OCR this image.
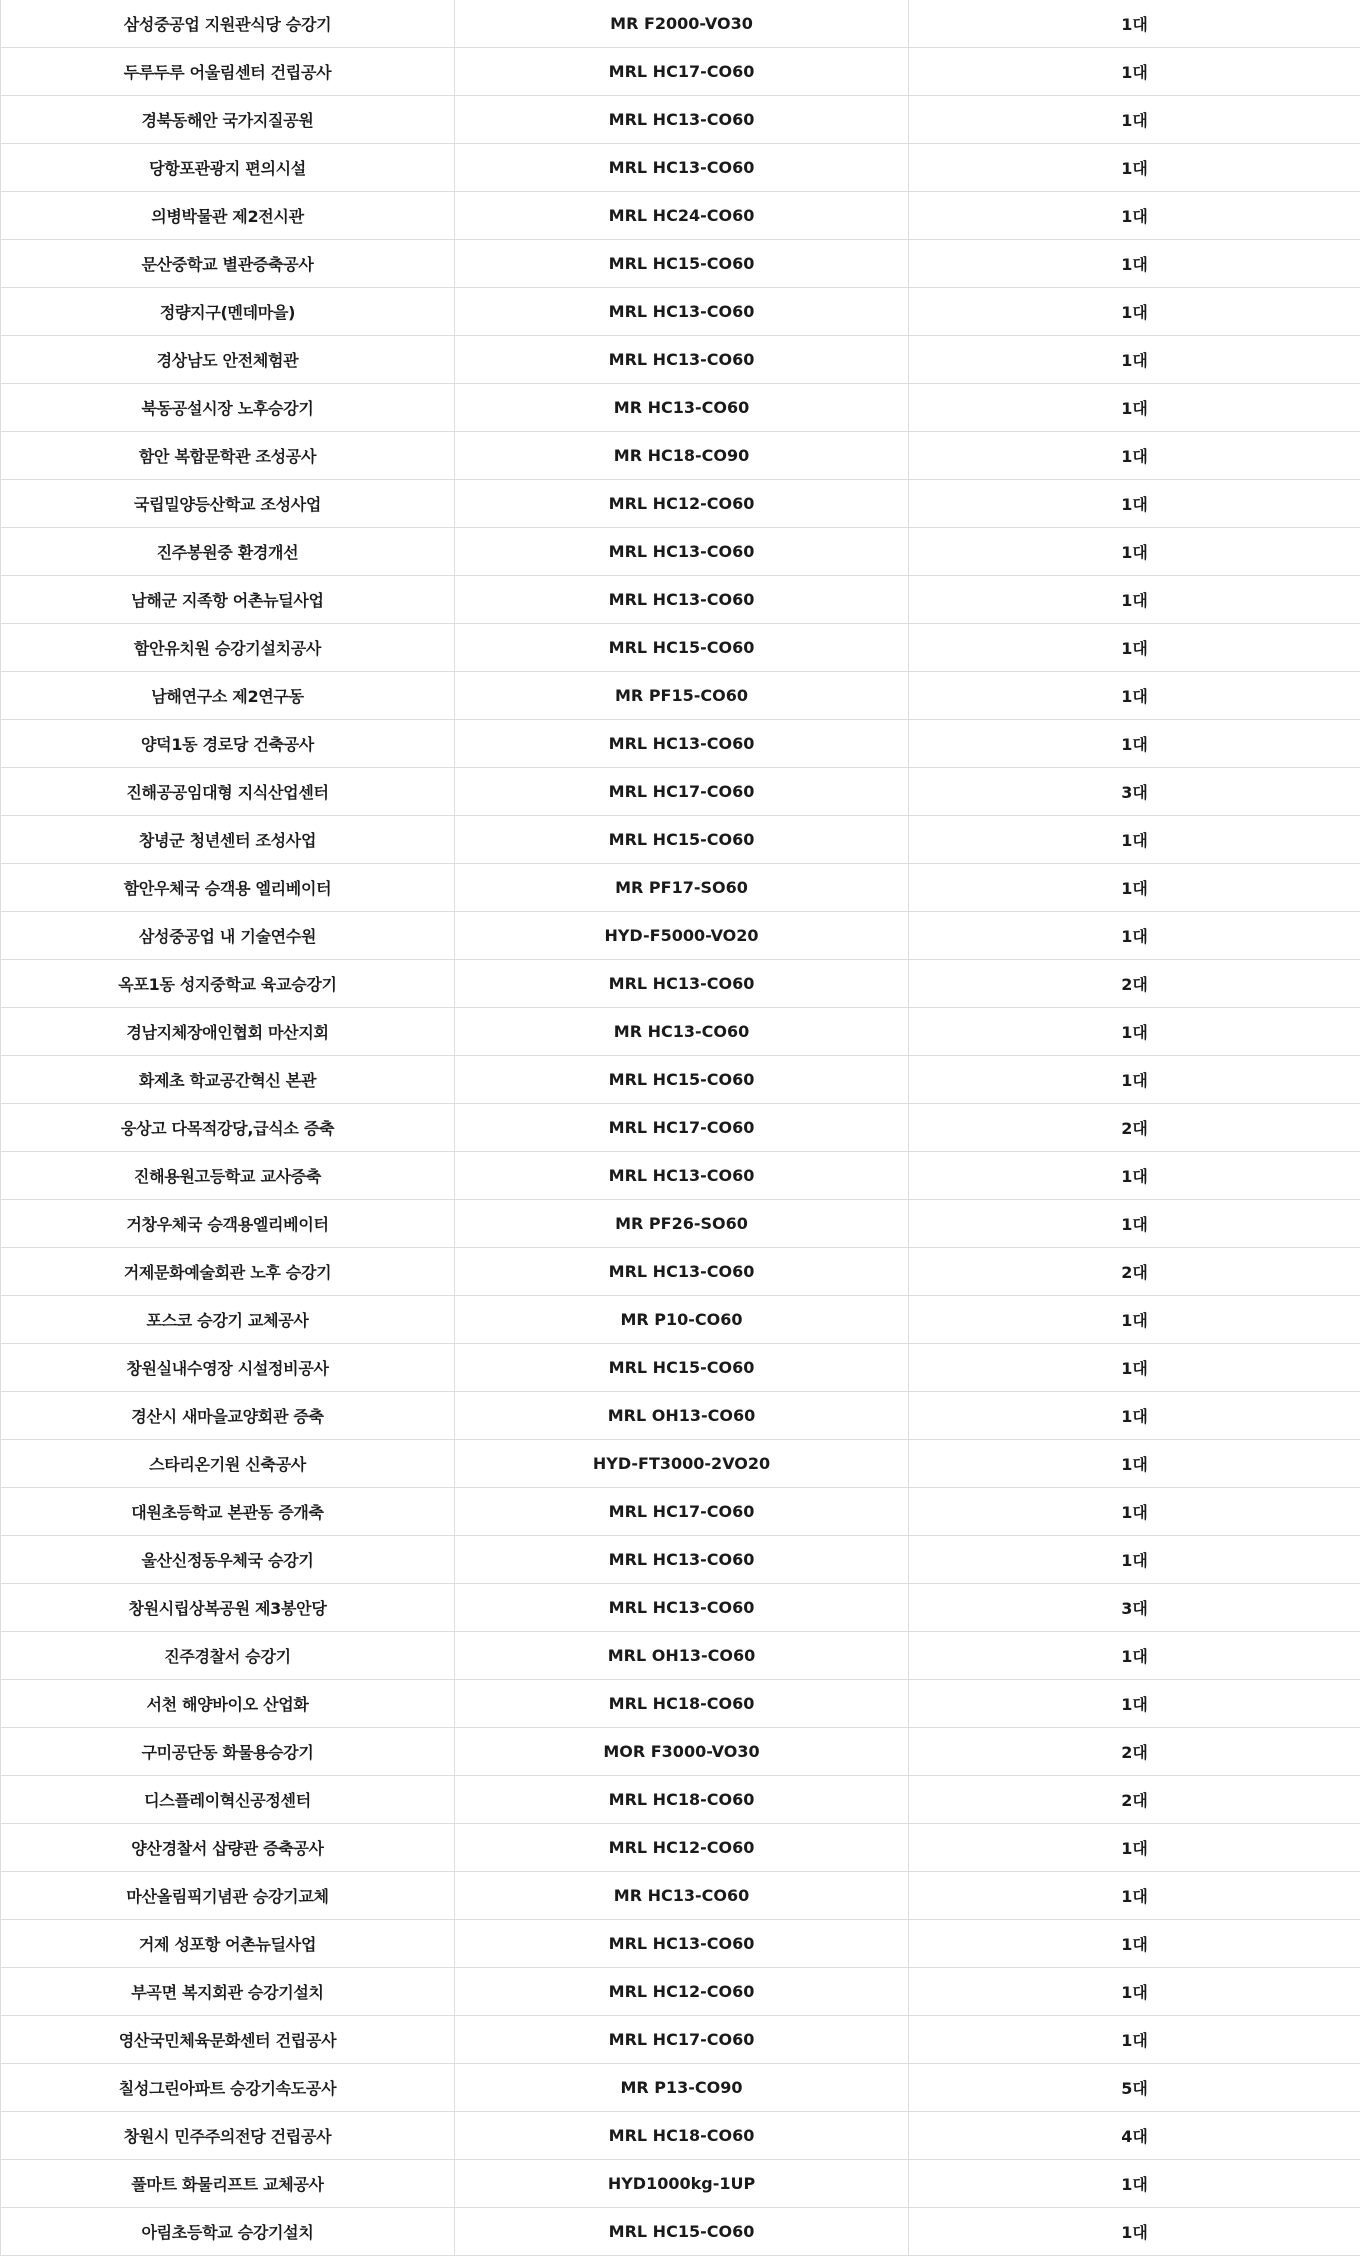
삼성중공업 지원관식당 승강기	MR F2000-VO30	1대
두루두루 어울림센터 건립공사	MRL HC17-CO60	1대
경북동해안 국가지질공원	MRL HC13-CO60	1대
당항포관광지 편의시설	MRL HC13-CO60	1대
의병박물관 제2전시관	MRL HC24-CO60	1대
문산중학교 별관증축공사	MRL HC15-CO60	1대
정량지구(멘데마을)	MRL HC13-CO60	1대
경상남도 안전체험관	MRL HC13-CO60	1대
북동공설시장 노후승강기	MR HC13-CO60	1대
함안 복합문학관 조성공사	MR HC18-CO90	1대
국립밀양등산학교 조성사업	MRL HC12-CO60	1대
진주봉원중 환경개선	MRL HC13-CO60	1대
남해군 지족항 어촌뉴딜사업	MRL HC13-CO60	1대
함안유치원 승강기설치공사	MRL HC15-CO60	1대
남해연구소 제2연구동	MR PF15-CO60	1대
양덕1동 경로당 건축공사	MRL HC13-CO60	1대
진해공공임대형 지식산업센터	MRL HC17-CO60	3대
창녕군 청년센터 조성사업	MRL HC15-CO60	1대
함안우체국 승객용 엘리베이터	MR PF17-SO60	1대
삼성중공업 내 기술연수원	HYD-F5000-VO20	1대
옥포1동 성지중학교 육교승강기	MRL HC13-CO60	2대
경남지체장애인협회 마산지회	MR HC13-CO60	1대
화제초 학교공간혁신 본관	MRL HC15-CO60	1대
웅상고 다목적강당,급식소 증축	MRL HC17-CO60	2대
진해용원고등학교 교사증축	MRL HC13-CO60	1대
거창우체국 승객용엘리베이터	MR PF26-SO60	1대
거제문화예술회관 노후 승강기	MRL HC13-CO60	2대
포스코 승강기 교체공사	MR P10-CO60	1대
창원실내수영장 시설정비공사	MRL HC15-CO60	1대
경산시 새마을교양회관 증축	MRL OH13-CO60	1대
스타리온기원 신축공사	HYD-FT3000-2VO20	1대
대원초등학교 본관동 증개축	MRL HC17-CO60	1대
울산신정동우체국 승강기	MRL HC13-CO60	1대
창원시립상복공원 제3봉안당	MRL HC13-CO60	3대
진주경찰서 승강기	MRL OH13-CO60	1대
서천 해양바이오 산업화	MRL HC18-CO60	1대
구미공단동 화물용승강기	MOR F3000-VO30	2대
디스플레이혁신공정센터	MRL HC18-CO60	2대
양산경찰서 삽량관 증축공사	MRL HC12-CO60	1대
마산올림픽기념관 승강기교체	MR HC13-CO60	1대
거제 성포항 어촌뉴딜사업	MRL HC13-CO60	1대
부곡면 복지회관 승강기설치	MRL HC12-CO60	1대
영산국민체육문화센터 건립공사	MRL HC17-CO60	1대
칠성그린아파트 승강기속도공사	MR P13-CO90	5대
창원시 민주주의전당 건립공사	MRL HC18-CO60	4대
풀마트 화물리프트 교체공사	HYD1000kg-1UP	1대
아림초등학교 승강기설치	MRL HC15-CO60	1대
